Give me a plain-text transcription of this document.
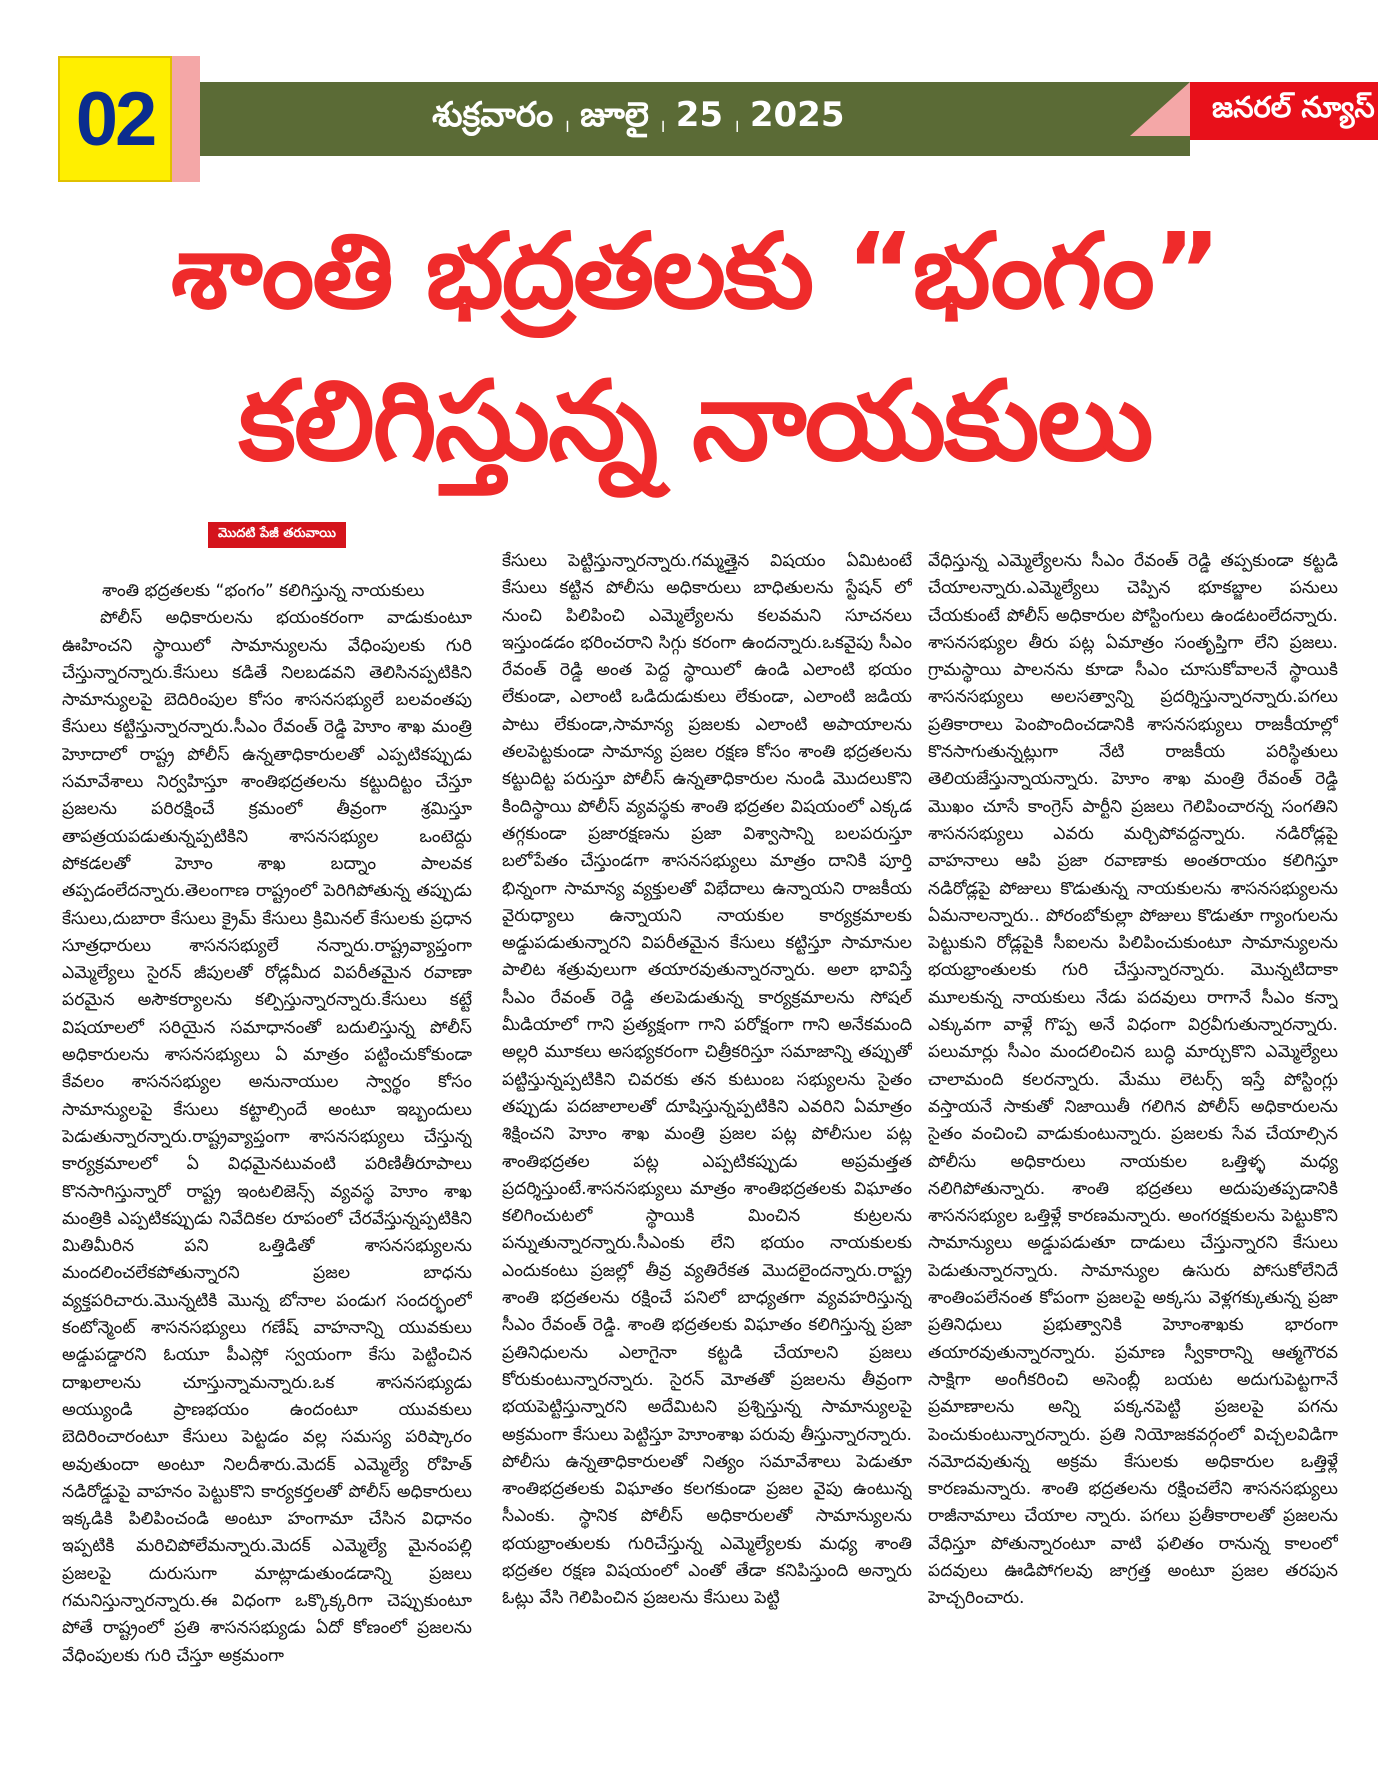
02	శుక్రవారం । జూలై । 25 । 2025	జనరల్ న్యూస్
శాంతి భద్రతలకు “భంగం”
కలిగిస్తున్న నాయకులు
మొదటి పేజీ తరువాయి

శాంతి భద్రతలకు “భంగం” కలిగిస్తున్న నాయకులు

పోలీస్ అధికారులను భయంకరంగా వాడుకుంటూ ఊహించని స్థాయిలో సామాన్యులను వేధింపులకు గురి చేస్తున్నారన్నారు.కేసులు కడితే నిలబడవని తెలిసినప్పటికిని సామాన్యులపై బెదిరింపుల కోసం శాసనసభ్యులే బలవంతపు కేసులు కట్టిస్తున్నారన్నారు.సీఎం రేవంత్ రెడ్డి హెూం శాఖ మంత్రి హెూదాలో రాష్ట్ర పోలీస్ ఉన్నతాధికారులతో ఎప్పటికప్పుడు సమావేశాలు నిర్వహిస్తూ శాంతిభద్రతలను కట్టుదిట్టం చేస్తూ ప్రజలను పరిరక్షించే క్రమంలో తీవ్రంగా శ్రమిస్తూ తాపత్రయపడుతున్నప్పటికిని శాసనసభ్యుల ఒంటెద్దు పోకడలతో హెూం శాఖ బద్నాం పాలవక తప్పడంలేదన్నారు.తెలంగాణ రాష్ట్రంలో పెరిగిపోతున్న తప్పుడు కేసులు,దుబారా కేసులు క్రైమ్ కేసులు క్రిమినల్ కేసులకు ప్రధాన సూత్రధారులు శాసనసభ్యులే నన్నారు.రాష్ట్రవ్యాప్తంగా ఎమ్మెల్యేలు సైరన్ జీపులతో రోడ్లమీద విపరీతమైన రవాణా పరమైన అసౌకర్యాలను కల్పిస్తున్నారన్నారు.కేసులు కట్టే విషయాలలో సరియైన సమాధానంతో బదులిస్తున్న పోలీస్ అధికారులను శాసనసభ్యులు ఏ మాత్రం పట్టించుకోకుండా కేవలం శాసనసభ్యుల అనునాయుల స్వార్థం కోసం సామాన్యులపై కేసులు కట్టాల్సిందే అంటూ ఇబ్బందులు పెడుతున్నారన్నారు.రాష్ట్రవ్యాప్తంగా శాసనసభ్యులు చేస్తున్న కార్యక్రమాలలో ఏ విధమైనటువంటి పరిణితీరూపాలు కొనసాగిస్తున్నారో రాష్ట్ర ఇంటలిజెన్స్ వ్యవస్థ హెూం శాఖ మంత్రికి ఎప్పటికప్పుడు నివేదికల రూపంలో చేరవేస్తున్నప్పటికిని మితిమీరిన పని ఒత్తిడితో శాసనసభ్యులను మందలించలేకపోతున్నారని ప్రజల బాధను వ్యక్తపరిచారు.మొన్నటికి మొన్న బోనాల పండుగ సందర్భంలో కంటోన్మెంట్ శాసనసభ్యులు గణేష్ వాహనాన్ని యువకులు అడ్డుపడ్డారని ఓయూ పీఎస్లో స్వయంగా కేసు పెట్టించిన దాఖలాలను చూస్తున్నామన్నారు.ఒక శాసనసభ్యుడు అయ్యుండి ప్రాణభయం ఉందంటూ యువకులు బెదిరించారంటూ కేసులు పెట్టడం వల్ల సమస్య పరిష్కారం అవుతుందా అంటూ నిలదీశారు.మెదక్ ఎమ్మెల్యే రోహిత్ నడిరోడ్డుపై వాహనం పెట్టుకొని కార్యకర్తలతో పోలీస్ అధికారులు ఇక్కడికి పిలిపించండి అంటూ హంగామా చేసిన విధానం ఇప్పటికి మరిచిపోలేమన్నారు.మెదక్ ఎమ్మెల్యే మైనంపల్లి ప్రజలపై దురుసుగా మాట్లాడుతుండడాన్ని ప్రజలు గమనిస్తున్నారన్నారు.ఈ విధంగా ఒక్కొక్కరిగా చెప్పుకుంటూ పోతే రాష్ట్రంలో ప్రతి శాసనసభ్యుడు ఏదో కోణంలో ప్రజలను వేధింపులకు గురి చేస్తూ అక్రమంగా

కేసులు పెట్టిస్తున్నారన్నారు.గమ్మత్తైన విషయం ఏమిటంటే కేసులు కట్టిన పోలీసు అధికారులు బాధితులను స్టేషన్ లో నుంచి పిలిపించి ఎమ్మెల్యేలను కలవమని సూచనలు ఇస్తుండడం భరించరాని సిగ్గు కరంగా ఉందన్నారు.ఒకవైపు సీఎం రేవంత్ రెడ్డి అంత పెద్ద స్థాయిలో ఉండి ఎలాంటి భయం లేకుండా, ఎలాంటి ఒడిదుడుకులు లేకుండా, ఎలాంటి జడియ పాటు లేకుండా,సామాన్య ప్రజలకు ఎలాంటి అపాయాలను తలపెట్టకుండా సామాన్య ప్రజల రక్షణ కోసం శాంతి భద్రతలను కట్టుదిట్ట పరుస్తూ పోలీస్ ఉన్నతాధికారుల నుండి మొదలుకొని కిందిస్థాయి పోలీస్ వ్యవస్థకు శాంతి భద్రతల విషయంలో ఎక్కడ తగ్గకుండా ప్రజారక్షణను ప్రజా విశ్వాసాన్ని బలపరుస్తూ బలోపేతం చేస్తుండగా శాసనసభ్యులు మాత్రం దానికి పూర్తి భిన్నంగా సామాన్య వ్యక్తులతో విభేదాలు ఉన్నాయని రాజకీయ వైరుధ్యాలు ఉన్నాయని నాయకుల కార్యక్రమాలకు అడ్డుపడుతున్నారని విపరీతమైన కేసులు కట్టిస్తూ సామానుల పాలిట శత్రువులుగా తయారవుతున్నారన్నారు. అలా భావిస్తే సీఎం రేవంత్ రెడ్డి తలపెడుతున్న కార్యక్రమాలను సోషల్ మీడియాలో గాని ప్రత్యక్షంగా గాని పరోక్షంగా గాని అనేకమంది అల్లరి మూకలు అసభ్యకరంగా చిత్రీకరిస్తూ సమాజాన్ని తప్పుతో పట్టిస్తున్నప్పటికిని చివరకు తన కుటుంబ సభ్యులను సైతం తప్పుడు పదజాలాలతో దూషిస్తున్నప్పటికిని ఎవరిని ఏమాత్రం శిక్షించని హెూం శాఖ మంత్రి ప్రజల పట్ల పోలీసుల పట్ల శాంతిభద్రతల పట్ల ఎప్పటికప్పుడు అప్రమత్తత ప్రదర్శిస్తుంటే.శాసనసభ్యులు మాత్రం శాంతిభద్రతలకు విఘాతం కలిగించుటలో స్థాయికి మించిన కుట్రలను పన్నుతున్నారన్నారు.సీఎంకు లేని భయం నాయకులకు ఎందుకంటు ప్రజల్లో తీవ్ర వ్యతిరేకత మొదలైందన్నారు.రాష్ట్ర శాంతి భద్రతలను రక్షించే పనిలో బాధ్యతగా వ్యవహరిస్తున్న సీఎం రేవంత్ రెడ్డి. శాంతి భద్రతలకు విఘాతం కలిగిస్తున్న ప్రజా ప్రతినిధులను ఎలాగైనా కట్టడి చేయాలని ప్రజలు కోరుకుంటున్నారన్నారు. సైరన్ మోతతో ప్రజలను తీవ్రంగా భయపెట్టిస్తున్నారని అదేమిటని ప్రశ్నిస్తున్న సామాన్యులపై అక్రమంగా కేసులు పెట్టిస్తూ హెూంశాఖ పరువు తీస్తున్నారన్నారు. పోలీసు ఉన్నతాధికారులతో నిత్యం సమావేశాలు పెడుతూ శాంతిభద్రతలకు విఘాతం కలగకుండా ప్రజల వైపు ఉంటున్న సీఎంకు. స్థానిక పోలీస్ అధికారులతో సామాన్యులను భయభ్రాంతులకు గురిచేస్తున్న ఎమ్మెల్యేలకు మధ్య శాంతి భద్రతల రక్షణ విషయంలో ఎంతో తేడా కనిపిస్తుంది అన్నారు ఓట్లు వేసి గెలిపించిన ప్రజలను కేసులు పెట్టి

వేధిస్తున్న ఎమ్మెల్యేలను సీఎం రేవంత్ రెడ్డి తప్పకుండా కట్టడి చేయాలన్నారు.ఎమ్మెల్యేలు చెప్పిన భూకబ్జాల పనులు చేయకుంటే పోలీస్ అధికారుల పోస్టింగులు ఉండటంలేదన్నారు. శాసనసభ్యుల తీరు పట్ల ఏమాత్రం సంతృప్తిగా లేని ప్రజలు. గ్రామస్థాయి పాలనను కూడా సీఎం చూసుకోవాలనే స్థాయికి శాసనసభ్యులు అలసత్వాన్ని ప్రదర్శిస్తున్నారన్నారు.పగలు ప్రతికారాలు పెంపొందించడానికి శాసనసభ్యులు రాజకీయాల్లో కొనసాగుతున్నట్లుగా నేటి రాజకీయ పరిస్థితులు తెలియజేస్తున్నాయన్నారు. హెూం శాఖ మంత్రి రేవంత్ రెడ్డి మొఖం చూసే కాంగ్రెస్ పార్టీని ప్రజలు గెలిపించారన్న సంగతిని శాసనసభ్యులు ఎవరు మర్చిపోవద్దన్నారు. నడిరోడ్లపై వాహనాలు ఆపి ప్రజా రవాణాకు అంతరాయం కలిగిస్తూ నడిరోడ్లపై పోజులు కొడుతున్న నాయకులను శాసనసభ్యులను ఏమనాలన్నారు.. పోరంబోకుల్లా పోజులు కొడుతూ గ్యాంగులను పెట్టుకుని రోడ్లపైకి సీఐలను పిలిపించుకుంటూ సామాన్యులను భయభ్రాంతులకు గురి చేస్తున్నారన్నారు. మొన్నటిదాకా మూలకున్న నాయకులు నేడు పదవులు రాగానే సీఎం కన్నా ఎక్కువగా వాళ్లే గొప్ప అనే విధంగా విర్రవీగుతున్నారన్నారు. పలుమార్లు సీఎం మందలించిన బుద్ధి మార్చుకొని ఎమ్మెల్యేలు చాలామంది కలరన్నారు. మేము లెటర్స్ ఇస్తే పోస్టింగ్లు వస్తాయనే సాకుతో నిజాయితీ గలిగిన పోలీస్ అధికారులను సైతం వంచించి వాడుకుంటున్నారు. ప్రజలకు సేవ చేయాల్సిన పోలీసు అధికారులు నాయకుల ఒత్తిళ్ళ మధ్య నలిగిపోతున్నారు. శాంతి భద్రతలు అదుపుతప్పడానికి శాసనసభ్యుల ఒత్తిళ్లే కారణమన్నారు. అంగరక్షకులను పెట్టుకొని సామాన్యులు అడ్డుపడుతూ దాడులు చేస్తున్నారని కేసులు పెడుతున్నారన్నారు. సామాన్యుల ఉసురు పోసుకోలేనిదే శాంతింపలేనంత కోపంగా ప్రజలపై అక్కసు వెళ్లగక్కుతున్న ప్రజా ప్రతినిధులు ప్రభుత్వానికి హెూంశాఖకు భారంగా తయారవుతున్నారన్నారు. ప్రమాణ స్వీకారాన్ని ఆత్మగౌరవ సాక్షిగా అంగీకరించి అసెంబ్లీ బయట అదుగుపెట్టగానే ప్రమాణాలను అన్ని పక్కనపెట్టి ప్రజలపై పగను పెంచుకుంటున్నారన్నారు. ప్రతి నియోజకవర్గంలో విచ్చలవిడిగా నమోదవుతున్న అక్రమ కేసులకు అధికారుల ఒత్తిళ్లే కారణమన్నారు. శాంతి భద్రతలను రక్షించలేని శాసనసభ్యులు రాజీనామాలు చేయాల న్నారు. పగలు ప్రతీకారాలతో ప్రజలను వేధిస్తూ పోతున్నారంటూ వాటి ఫలితం రానున్న కాలంలో పదవులు ఊడిపోగలవు జాగ్రత్త అంటూ ప్రజల తరపున హెచ్చరించారు.
